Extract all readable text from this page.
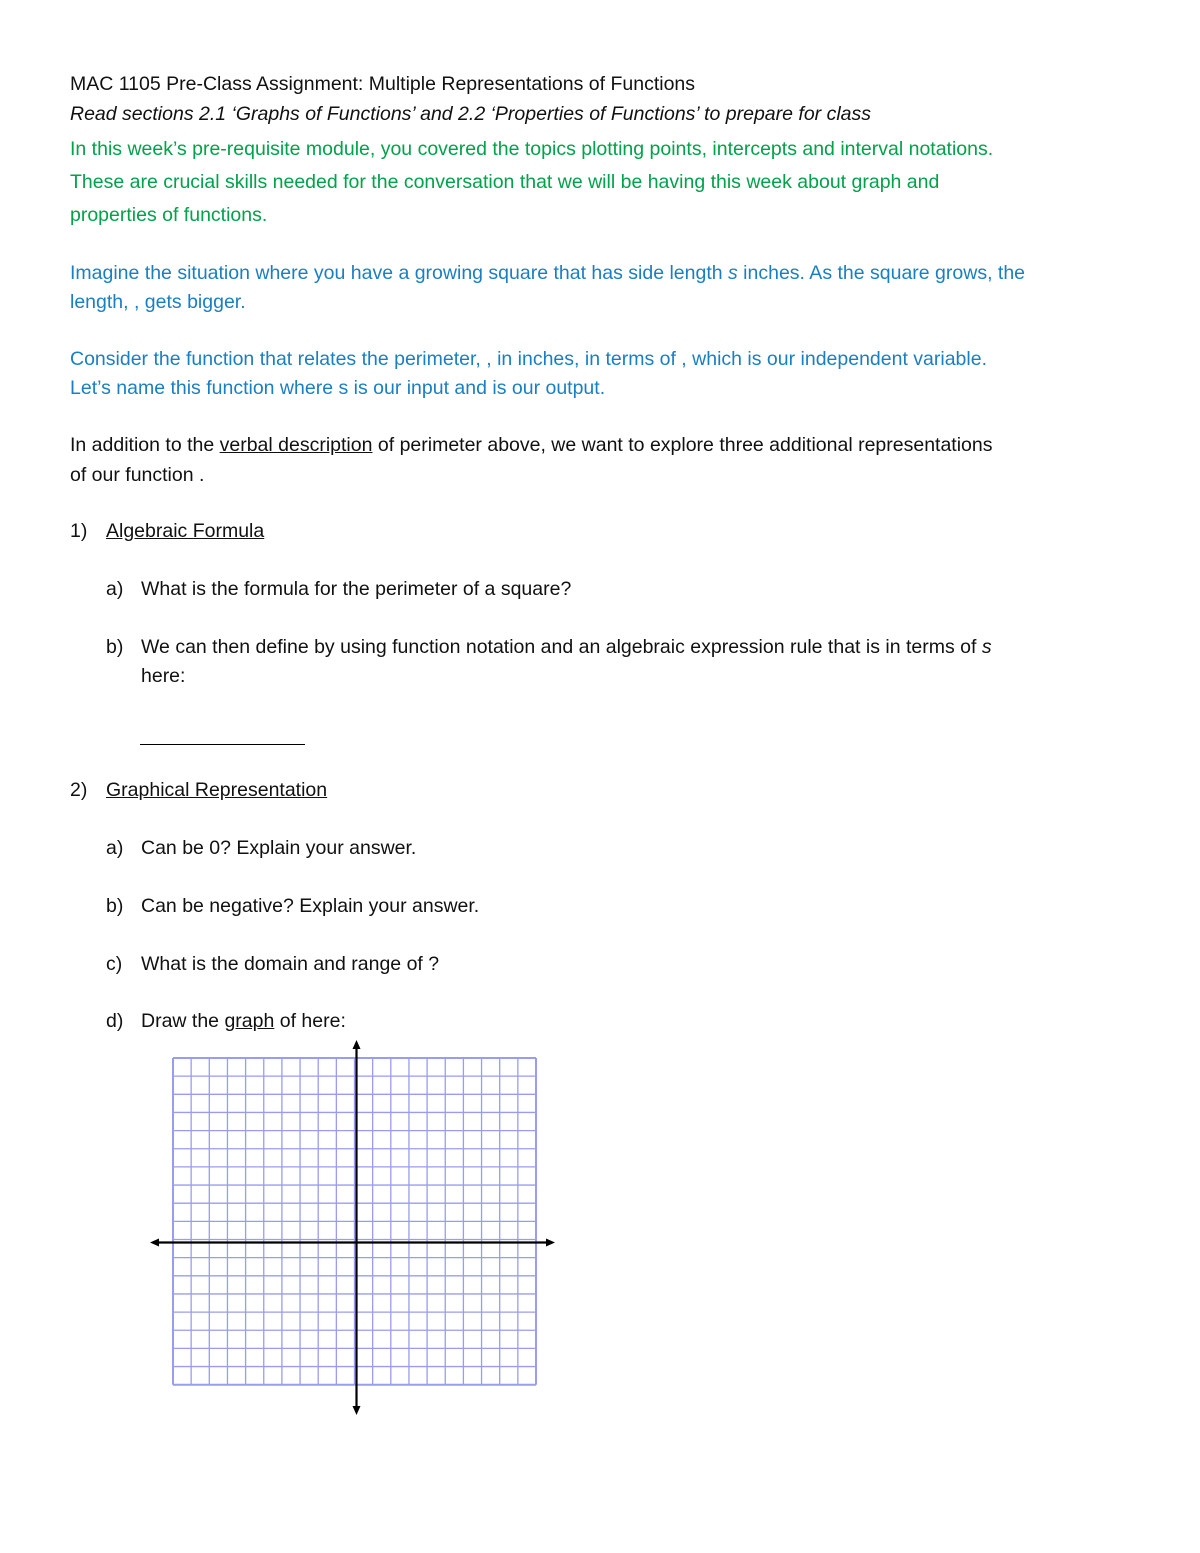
MAC 1105 Pre-Class Assignment: Multiple Representations of Functions
Read sections 2.1 ‘Graphs of Functions’ and 2.2 ‘Properties of Functions’ to prepare for class
In this week’s pre-requisite module, you covered the topics plotting points, intercepts and interval notations.
These are crucial skills needed for the conversation that we will be having this week about graph and
properties of functions.
Imagine the situation where you have a growing square that has side length s inches. As the square grows, the
length, , gets bigger.
Consider the function that relates the perimeter, , in inches, in terms of , which is our independent variable.
Let’s name this function where s is our input and is our output.
In addition to the verbal description of perimeter above, we want to explore three additional representations
of our function .
1) Algebraic Formula
a) What is the formula for the perimeter of a square?
b) We can then define by using function notation and an algebraic expression rule that is in terms of s
here:
2) Graphical Representation
a) Can be 0? Explain your answer.
b) Can be negative? Explain your answer.
c) What is the domain and range of ?
d) Draw the graph of here:
